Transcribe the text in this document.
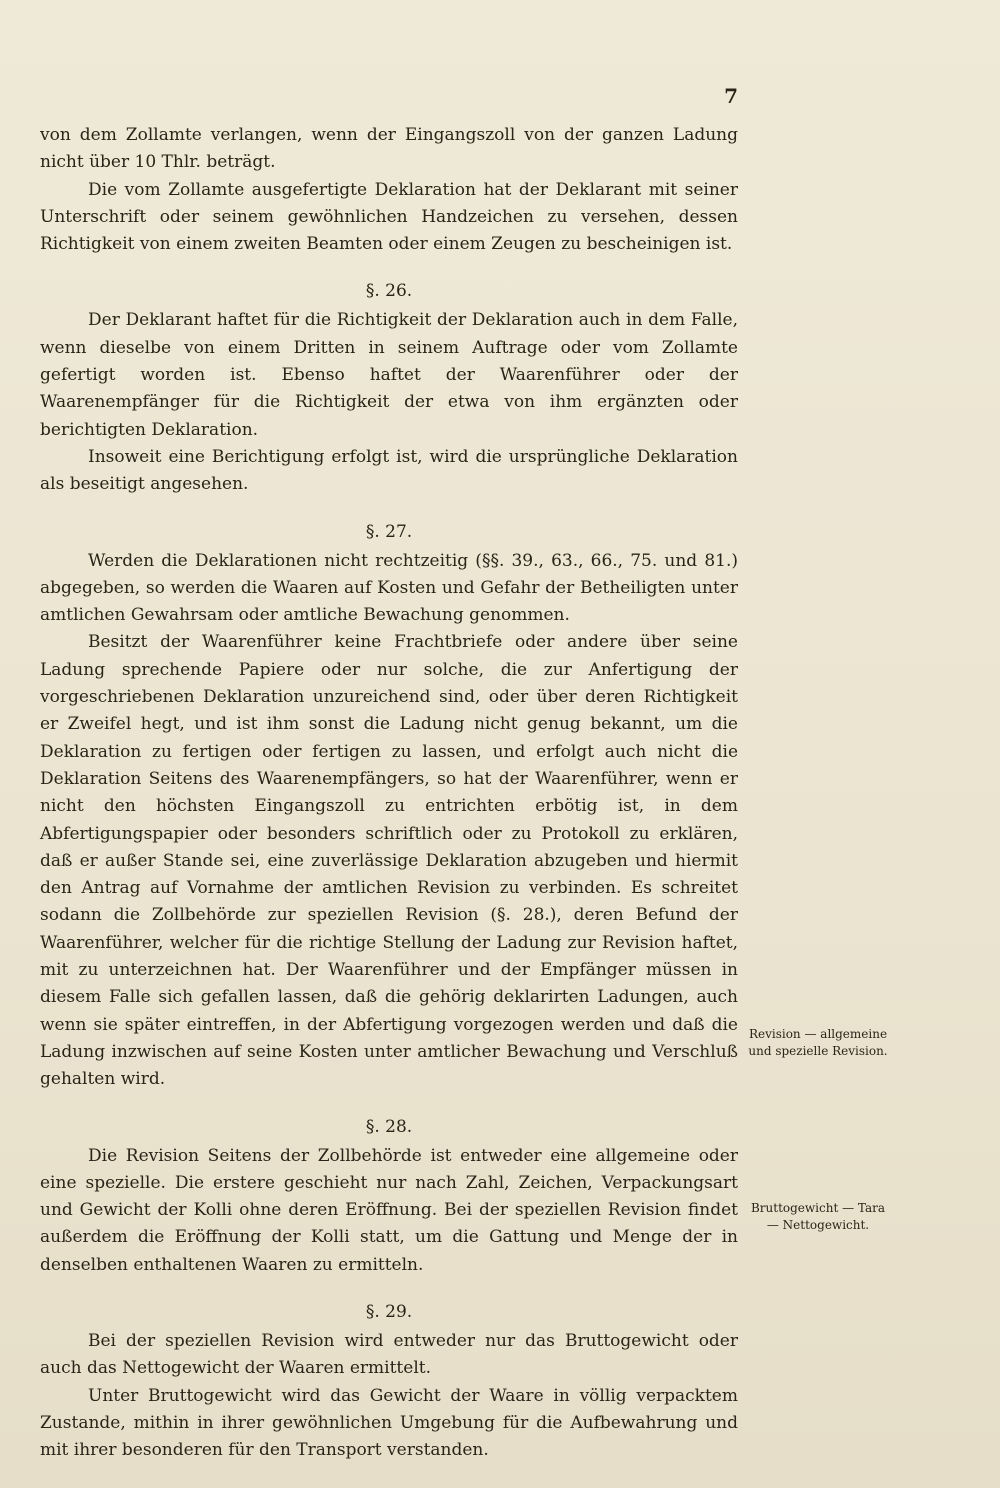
7

von dem Zollamte verlangen, wenn der Eingangszoll von der ganzen Ladung nicht über 10 Thlr. beträgt.

Die vom Zollamte ausgefertigte Deklaration hat der Deklarant mit seiner Unterschrift oder seinem gewöhnlichen Handzeichen zu versehen, dessen Richtigkeit von einem zweiten Beamten oder einem Zeugen zu bescheinigen ist.

§. 26.

Der Deklarant haftet für die Richtigkeit der Deklaration auch in dem Falle, wenn dieselbe von einem Dritten in seinem Auftrage oder vom Zollamte gefertigt worden ist. Ebenso haftet der Waarenführer oder der Waarenempfänger für die Richtigkeit der etwa von ihm ergänzten oder berichtigten Deklaration.

Insoweit eine Berichtigung erfolgt ist, wird die ursprüngliche Deklaration als beseitigt angesehen.

§. 27.

Werden die Deklarationen nicht rechtzeitig (§§. 39., 63., 66., 75. und 81.) abgegeben, so werden die Waaren auf Kosten und Gefahr der Betheiligten unter amtlichen Gewahrsam oder amtliche Bewachung genommen.

Besitzt der Waarenführer keine Frachtbriefe oder andere über seine Ladung sprechende Papiere oder nur solche, die zur Anfertigung der vorgeschriebenen Deklaration unzureichend sind, oder über deren Richtigkeit er Zweifel hegt, und ist ihm sonst die Ladung nicht genug bekannt, um die Deklaration zu fertigen oder fertigen zu lassen, und erfolgt auch nicht die Deklaration Seitens des Waarenempfängers, so hat der Waarenführer, wenn er nicht den höchsten Eingangszoll zu entrichten erbötig ist, in dem Abfertigungspapier oder besonders schriftlich oder zu Protokoll zu erklären, daß er außer Stande sei, eine zuverlässige Deklaration abzugeben und hiermit den Antrag auf Vornahme der amtlichen Revision zu verbinden. Es schreitet sodann die Zollbehörde zur speziellen Revision (§. 28.), deren Befund der Waarenführer, welcher für die richtige Stellung der Ladung zur Revision haftet, mit zu unterzeichnen hat. Der Waarenführer und der Empfänger müssen in diesem Falle sich gefallen lassen, daß die gehörig deklarirten Ladungen, auch wenn sie später eintreffen, in der Abfertigung vorgezogen werden und daß die Ladung inzwischen auf seine Kosten unter amtlicher Bewachung und Verschluß gehalten wird.

§. 28.

Die Revision Seitens der Zollbehörde ist entweder eine allgemeine oder eine spezielle. Die erstere geschieht nur nach Zahl, Zeichen, Verpackungsart und Gewicht der Kolli ohne deren Eröffnung. Bei der speziellen Revision findet außerdem die Eröffnung der Kolli statt, um die Gattung und Menge der in denselben enthaltenen Waaren zu ermitteln.

§. 29.

Bei der speziellen Revision wird entweder nur das Bruttogewicht oder auch das Nettogewicht der Waaren ermittelt.

Unter Bruttogewicht wird das Gewicht der Waare in völlig verpacktem Zustande, mithin in ihrer gewöhnlichen Umgebung für die Aufbewahrung und mit ihrer besonderen für den Transport verstanden.

Revision — allgemeine und spezielle Revision.
Bruttogewicht — Tara — Nettogewicht.
